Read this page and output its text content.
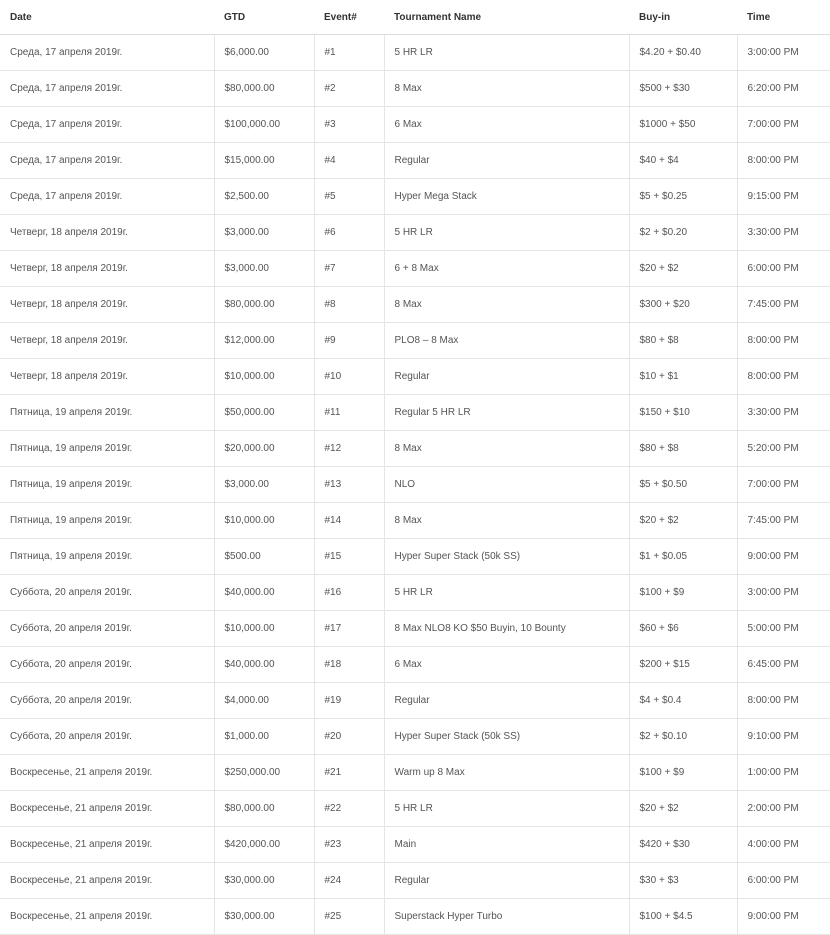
Date	GTD	Event#	Tournament Name	Buy-in	Time
Среда, 17 апреля 2019г.	$6,000.00	#1	5 HR LR	$4.20 + $0.40	3:00:00 PM
Среда, 17 апреля 2019г.	$80,000.00	#2	8 Max	$500 + $30	6:20:00 PM
Среда, 17 апреля 2019г.	$100,000.00	#3	6 Max	$1000 + $50	7:00:00 PM
Среда, 17 апреля 2019г.	$15,000.00	#4	Regular	$40 + $4	8:00:00 PM
Среда, 17 апреля 2019г.	$2,500.00	#5	Hyper Mega Stack	$5 + $0.25	9:15:00 PM
Четверг, 18 апреля 2019г.	$3,000.00	#6	5 HR LR	$2 + $0.20	3:30:00 PM
Четверг, 18 апреля 2019г.	$3,000.00	#7	6 + 8 Max	$20 + $2	6:00:00 PM
Четверг, 18 апреля 2019г.	$80,000.00	#8	8 Max	$300 + $20	7:45:00 PM
Четверг, 18 апреля 2019г.	$12,000.00	#9	PLO8 – 8 Max	$80 + $8	8:00:00 PM
Четверг, 18 апреля 2019г.	$10,000.00	#10	Regular	$10 + $1	8:00:00 PM
Пятница, 19 апреля 2019г.	$50,000.00	#11	Regular 5 HR LR	$150 + $10	3:30:00 PM
Пятница, 19 апреля 2019г.	$20,000.00	#12	8 Max	$80 + $8	5:20:00 PM
Пятница, 19 апреля 2019г.	$3,000.00	#13	NLO	$5 + $0.50	7:00:00 PM
Пятница, 19 апреля 2019г.	$10,000.00	#14	8 Max	$20 + $2	7:45:00 PM
Пятница, 19 апреля 2019г.	$500.00	#15	Hyper Super Stack (50k SS)	$1 + $0.05	9:00:00 PM
Суббота, 20 апреля 2019г.	$40,000.00	#16	5 HR LR	$100 + $9	3:00:00 PM
Суббота, 20 апреля 2019г.	$10,000.00	#17	8 Max NLO8 KO $50 Buyin, 10 Bounty	$60 + $6	5:00:00 PM
Суббота, 20 апреля 2019г.	$40,000.00	#18	6 Max	$200 + $15	6:45:00 PM
Суббота, 20 апреля 2019г.	$4,000.00	#19	Regular	$4 + $0.4	8:00:00 PM
Суббота, 20 апреля 2019г.	$1,000.00	#20	Hyper Super Stack (50k SS)	$2 + $0.10	9:10:00 PM
Воскресенье, 21 апреля 2019г.	$250,000.00	#21	Warm up 8 Max	$100 + $9	1:00:00 PM
Воскресенье, 21 апреля 2019г.	$80,000.00	#22	5 HR LR	$20 + $2	2:00:00 PM
Воскресенье, 21 апреля 2019г.	$420,000.00	#23	Main	$420 + $30	4:00:00 PM
Воскресенье, 21 апреля 2019г.	$30,000.00	#24	Regular	$30 + $3	6:00:00 PM
Воскресенье, 21 апреля 2019г.	$30,000.00	#25	Superstack Hyper Turbo	$100 + $4.5	9:00:00 PM
